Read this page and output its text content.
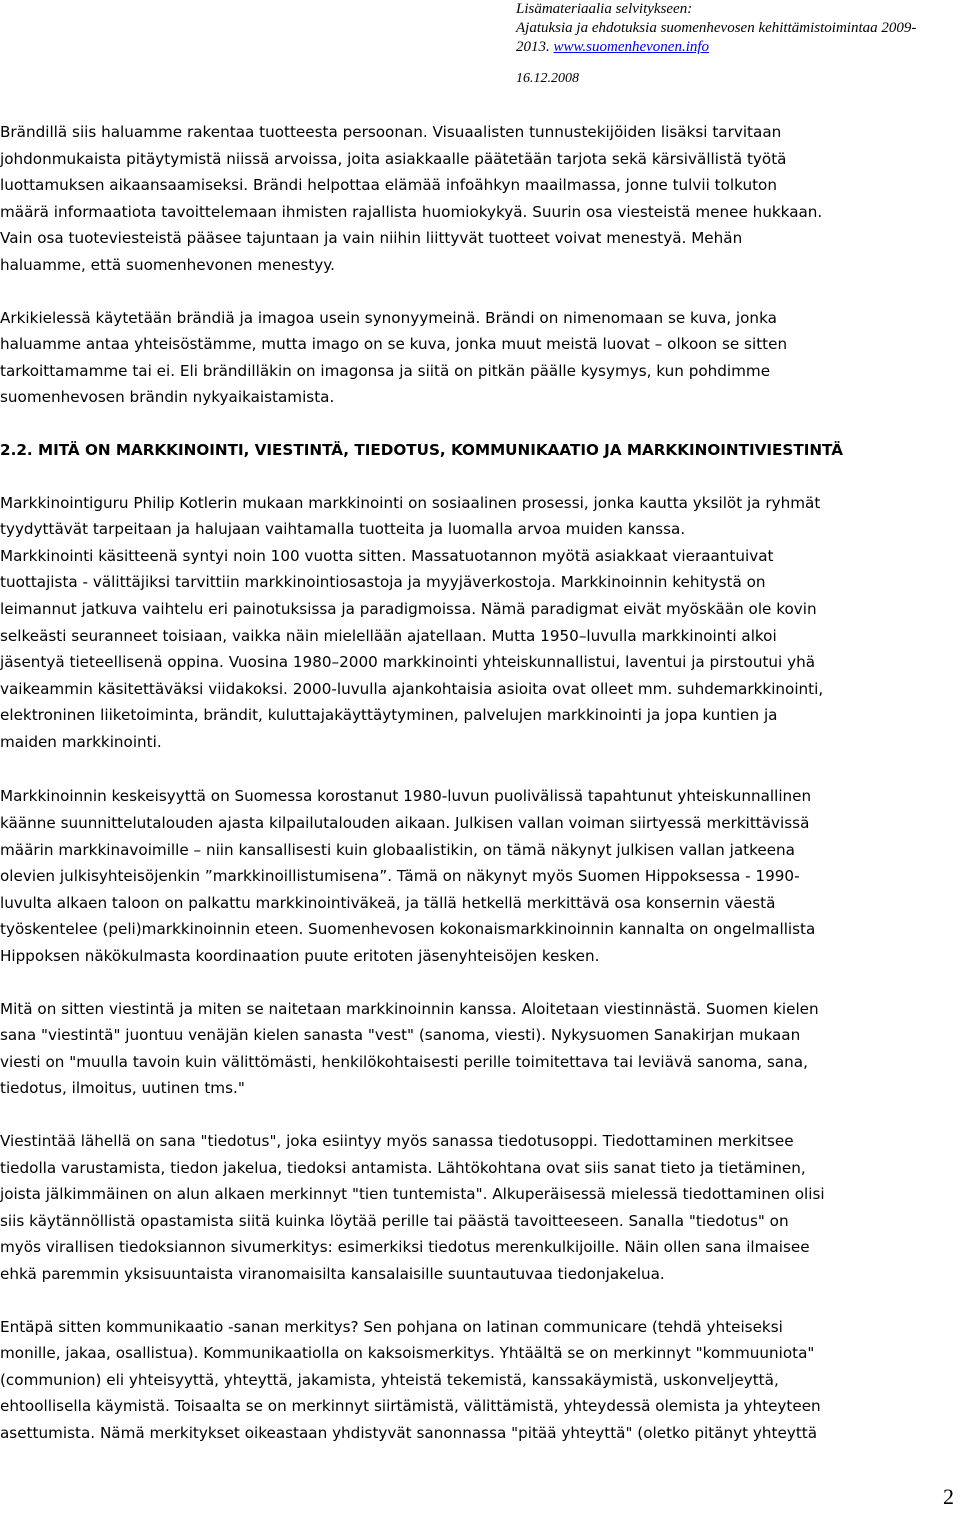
Lisämateriaalia selvitykseen:
Ajatuksia ja ehdotuksia suomenhevosen kehittämistoimintaa 2009-
2013. www.suomenhevonen.info
16.12.2008

Brändillä siis haluamme rakentaa tuotteesta persoonan. Visuaalisten tunnustekijöiden lisäksi tarvitaan
johdonmukaista pitäytymistä niissä arvoissa, joita asiakkaalle päätetään tarjota sekä kärsivällistä työtä
luottamuksen aikaansaamiseksi. Brändi helpottaa elämää infoähkyn maailmassa, jonne tulvii tolkuton
määrä informaatiota tavoittelemaan ihmisten rajallista huomiokykyä. Suurin osa viesteistä menee hukkaan.
Vain osa tuoteviesteistä pääsee tajuntaan ja vain niihin liittyvät tuotteet voivat menestyä. Mehän
haluamme, että suomenhevonen menestyy.

Arkikielessä käytetään brändiä ja imagoa usein synonyymeinä. Brändi on nimenomaan se kuva, jonka
haluamme antaa yhteisöstämme, mutta imago on se kuva, jonka muut meistä luovat – olkoon se sitten
tarkoittamamme tai ei. Eli brändilläkin on imagonsa ja siitä on pitkän päälle kysymys, kun pohdimme
suomenhevosen brändin nykyaikaistamista.

2.2. MITÄ ON MARKKINOINTI, VIESTINTÄ, TIEDOTUS, KOMMUNIKAATIO JA MARKKINOINTIVIESTINTÄ

Markkinointiguru Philip Kotlerin mukaan markkinointi on sosiaalinen prosessi, jonka kautta yksilöt ja ryhmät
tyydyttävät tarpeitaan ja halujaan vaihtamalla tuotteita ja luomalla arvoa muiden kanssa.
Markkinointi käsitteenä syntyi noin 100 vuotta sitten. Massatuotannon myötä asiakkaat vieraantuivat
tuottajista - välittäjiksi tarvittiin markkinointiosastoja ja myyjäverkostoja. Markkinoinnin kehitystä on
leimannut jatkuva vaihtelu eri painotuksissa ja paradigmoissa. Nämä paradigmat eivät myöskään ole kovin
selkeästi seuranneet toisiaan, vaikka näin mielellään ajatellaan. Mutta 1950–luvulla markkinointi alkoi
jäsentyä tieteellisenä oppina. Vuosina 1980–2000 markkinointi yhteiskunnallistui, laventui ja pirstoutui yhä
vaikeammin käsitettäväksi viidakoksi. 2000-luvulla ajankohtaisia asioita ovat olleet mm. suhdemarkkinointi,
elektroninen liiketoiminta, brändit, kuluttajakäyttäytyminen, palvelujen markkinointi ja jopa kuntien ja
maiden markkinointi.

Markkinoinnin keskeisyyttä on Suomessa korostanut 1980-luvun puolivälissä tapahtunut yhteiskunnallinen
käänne suunnittelutalouden ajasta kilpailutalouden aikaan. Julkisen vallan voiman siirtyessä merkittävissä
määrin markkinavoimille – niin kansallisesti kuin globaalistikin, on tämä näkynyt julkisen vallan jatkeena
olevien julkisyhteisöjenkin ”markkinoillistumisena”. Tämä on näkynyt myös Suomen Hippoksessa - 1990-
luvulta alkaen taloon on palkattu markkinointiväkeä, ja tällä hetkellä merkittävä osa konsernin väestä
työskentelee (peli)markkinoinnin eteen. Suomenhevosen kokonaismarkkinoinnin kannalta on ongelmallista
Hippoksen näkökulmasta koordinaation puute eritoten jäsenyhteisöjen kesken.

Mitä on sitten viestintä ja miten se naitetaan markkinoinnin kanssa. Aloitetaan viestinnästä. Suomen kielen
sana "viestintä" juontuu venäjän kielen sanasta "vest" (sanoma, viesti). Nykysuomen Sanakirjan mukaan
viesti on "muulla tavoin kuin välittömästi, henkilökohtaisesti perille toimitettava tai leviävä sanoma, sana,
tiedotus, ilmoitus, uutinen tms."

Viestintää lähellä on sana "tiedotus", joka esiintyy myös sanassa tiedotusoppi. Tiedottaminen merkitsee
tiedolla varustamista, tiedon jakelua, tiedoksi antamista. Lähtökohtana ovat siis sanat tieto ja tietäminen,
joista jälkimmäinen on alun alkaen merkinnyt "tien tuntemista". Alkuperäisessä mielessä tiedottaminen olisi
siis käytännöllistä opastamista siitä kuinka löytää perille tai päästä tavoitteeseen. Sanalla "tiedotus" on
myös virallisen tiedoksiannon sivumerkitys: esimerkiksi tiedotus merenkulkijoille. Näin ollen sana ilmaisee
ehkä paremmin yksisuuntaista viranomaisilta kansalaisille suuntautuvaa tiedonjakelua.

Entäpä sitten kommunikaatio -sanan merkitys? Sen pohjana on latinan communicare (tehdä yhteiseksi
monille, jakaa, osallistua). Kommunikaatiolla on kaksoismerkitys. Yhtäältä se on merkinnyt "kommuuniota"
(communion) eli yhteisyyttä, yhteyttä, jakamista, yhteistä tekemistä, kanssakäymistä, uskonveljeyttä,
ehtoollisella käymistä. Toisaalta se on merkinnyt siirtämistä, välittämistä, yhteydessä olemista ja yhteyteen
asettumista. Nämä merkitykset oikeastaan yhdistyvät sanonnassa "pitää yhteyttä" (oletko pitänyt yhteyttä

2
